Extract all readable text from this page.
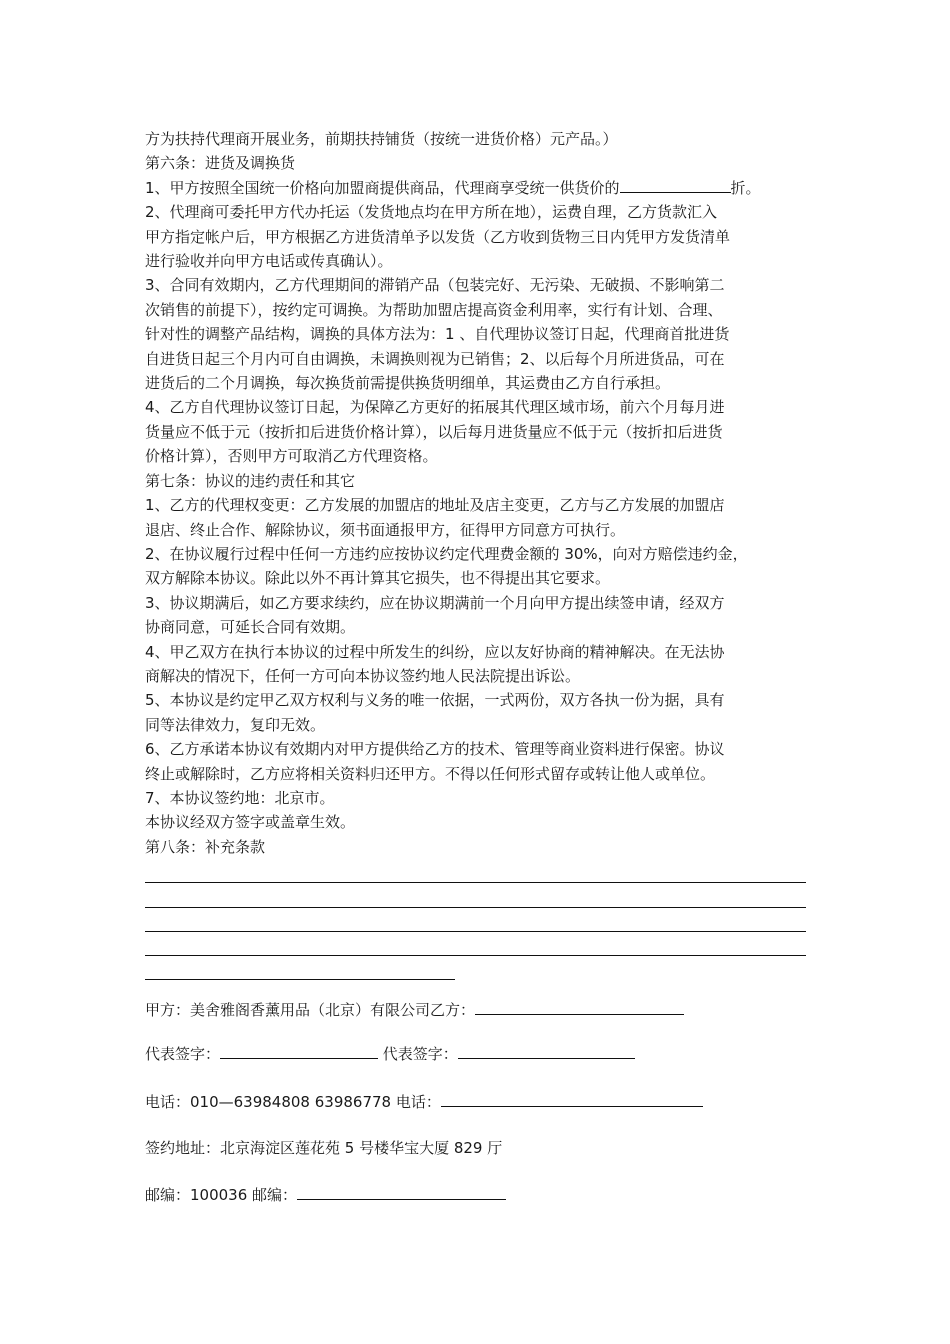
方为扶持代理商开展业务，前期扶持铺货（按统一进货价格）元产品。）
第六条：进货及调换货
1、甲方按照全国统一价格向加盟商提供商品，代理商享受统一供货价的	折。
2、代理商可委托甲方代办托运（发货地点均在甲方所在地），运费自理，乙方货款汇入
甲方指定帐户后，甲方根据乙方进货清单予以发货（乙方收到货物三日内凭甲方发货清单
进行验收并向甲方电话或传真确认）。
3、合同有效期内，乙方代理期间的滞销产品（包装完好、无污染、无破损、不影响第二
次销售的前提下），按约定可调换。为帮助加盟店提高资金利用率，实行有计划、合理、
针对性的调整产品结构，调换的具体方法为：1 、自代理协议签订日起，代理商首批进货
自进货日起三个月内可自由调换，未调换则视为已销售；2、以后每个月所进货品，可在
进货后的二个月调换，每次换货前需提供换货明细单，其运费由乙方自行承担。
4、乙方自代理协议签订日起，为保障乙方更好的拓展其代理区域市场，前六个月每月进
货量应不低于元（按折扣后进货价格计算），以后每月进货量应不低于元（按折扣后进货
价格计算），否则甲方可取消乙方代理资格。
第七条：协议的违约责任和其它
1、乙方的代理权变更：乙方发展的加盟店的地址及店主变更，乙方与乙方发展的加盟店
退店、终止合作、解除协议，须书面通报甲方，征得甲方同意方可执行。
2、在协议履行过程中任何一方违约应按协议约定代理费金额的 30%，向对方赔偿违约金，
双方解除本协议。除此以外不再计算其它损失，也不得提出其它要求。
3、协议期满后，如乙方要求续约，应在协议期满前一个月向甲方提出续签申请，经双方
协商同意，可延长合同有效期。
4、甲乙双方在执行本协议的过程中所发生的纠纷，应以友好协商的精神解决。在无法协
商解决的情况下，任何一方可向本协议签约地人民法院提出诉讼。
5、本协议是约定甲乙双方权利与义务的唯一依据，一式两份，双方各执一份为据，具有
同等法律效力，复印无效。
6、乙方承诺本协议有效期内对甲方提供给乙方的技术、管理等商业资料进行保密。协议
终止或解除时，乙方应将相关资料归还甲方。不得以任何形式留存或转让他人或单位。
7、本协议签约地：北京市。
本协议经双方签字或盖章生效。
第八条：补充条款
甲方：美舍雅阁香薰用品（北京）有限公司乙方：
代表签字：	代表签字：
电话：010—63984808 63986778 电话：
签约地址：北京海淀区莲花苑 5 号楼华宝大厦 829 厅
邮编：100036 邮编：
